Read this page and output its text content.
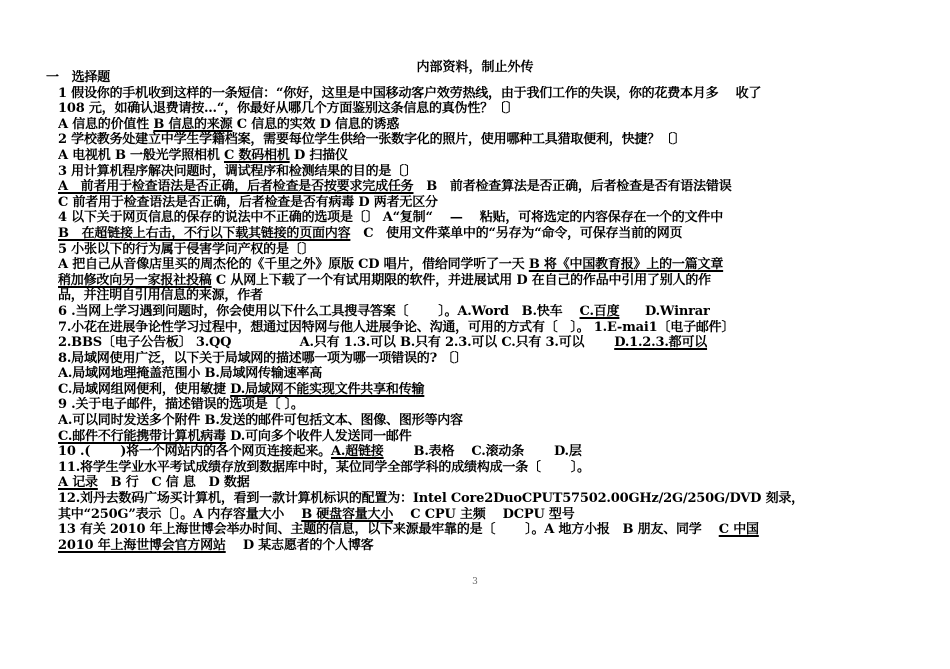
内部资料，制止外传
一　选择题
1 假设你的手机收到这样的一条短信：“你好，这里是中国移动客户效劳热线，由于我们工作的失误，你的花费本月多　 收了
108 元，如确认退费请按…“，你最好从哪几个方面鉴别这条信息的真伪性？〔〕
A 信息的价值性 B 信息的来源 C 信息的实效 D 信息的诱惑
2 学校教务处建立中学生学籍档案，需要每位学生供给一张数字化的照片，使用哪种工具猎取便利，快捷？〔〕
A 电视机 B 一般光学照相机 C 数码相机 D 扫描仪
3 用计算机程序解决问题时，调试程序和检测结果的目的是〔〕
A　前者用于检查语法是否正确，后者检查是否按要求完成任务　B　前者检查算法是否正确，后者检查是否有语法错误
C 前者用于检查语法是否正确，后者检查是否有病毒 D 两者无区分
4 以下关于网页信息的保存的说法中不正确的选项是〔〕 A“复制“　 —　 粘贴，可将选定的内容保存在一个的文件中
B　在超链接上右击，不行以下载其链接的页面内容　C　使用文件菜单中的“另存为“命令，可保存当前的网页
5 小张以下的行为属于侵害学问产权的是〔〕
A 把自己从音像店里买的周杰伦的《千里之外》原版 CD 唱片，借给同学听了一天 B 将《中国教育报》上的一篇文章
稍加修改向另一家报社投稿 C 从网上下载了一个有试用期限的软件，并进展试用 D 在自己的作品中引用了别人的作
品，并注明自引用信息的来源，作者
6 .当网上学习遇到问题时，你会使用以下什么工具搜寻答案〔　　 〕。A.Word　B.快车　 C.百度　　D.Winrar
7.小花在进展争论性学习过程中，想通过因特网与他人进展争论、沟通，可用的方式有〔　〕。 1.E-mai1〔电子邮件〕
2.BBS〔电子公告板〕 3.QQ　　　　　 A.只有 1.3.可以 B.只有 2.3.可以 C.只有 3.可以　　 D.1.2.3.都可以
8.局域网使用广泛，以下关于局域网的描述哪一项为哪一项错误的? 〔〕
A.局域网地理掩盖范围小 B.局域网传输速率高
C.局域网组网便利，使用敏捷 D.局域网不能实现文件共享和传输
9 .关于电子邮件，描述错误的选项是〔 〕。
A.可以同时发送多个附件 B.发送的邮件可包括文本、图像、图形等内容
C.邮件不行能携带计算机病毒 D.可向多个收件人发送同一邮件
10 .(　　 )将一个网站内的各个网页连接起来。A.超链接　　 B.表格　 C.滚动条　　 D.层
11.将学生学业水平考试成绩存放到数据库中时，某位同学全部学科的成绩构成一条〔　　 〕。
A 记录　B 行　C 信 息　D 数据
12.刘丹去数码广场买计算机，看到一款计算机标识的配置为：Intel Core2DuoCPUT57502.00GHz/2G/250G/DVD 刻录，
其中“250G”表示〔〕。A 内存容量大小　 B 硬盘容量大小　 C CPU 主频　 DCPU 型号
13 有关 2010 年上海世博会举办时间、主题的信息，以下来源最牢靠的是〔　　 〕。A 地方小报　B 朋友、同学　 C 中国
2010 年上海世博会官方网站　 D 某志愿者的个人博客
3
